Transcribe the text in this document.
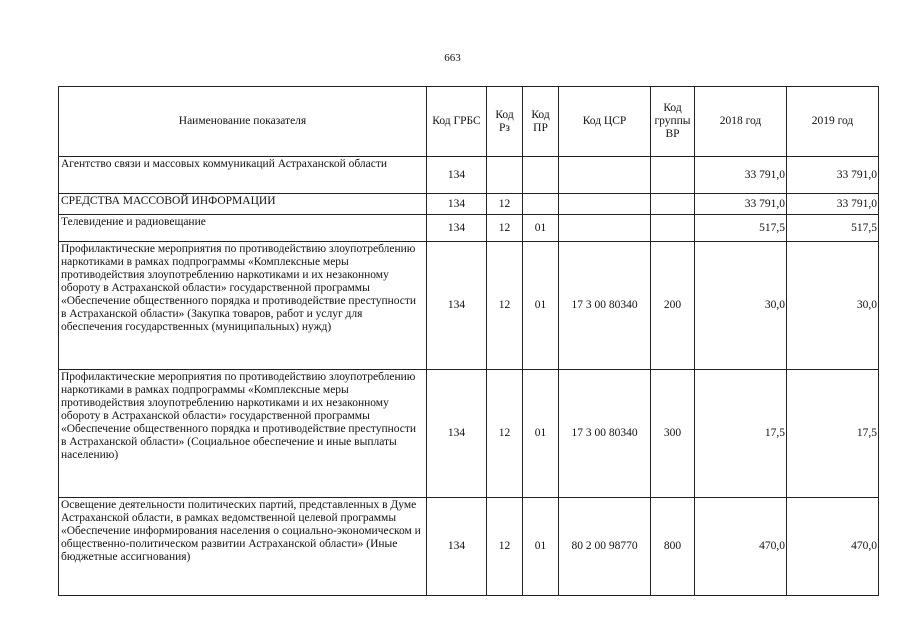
663
Наименование показателя	Код ГРБС	Код Рз	Код ПР	Код ЦСР	Код группы ВР	2018 год	2019 год
Агентство связи и массовых коммуникаций Астраханской области	134					33 791,0	33 791,0
СРЕДСТВА МАССОВОЙ ИНФОРМАЦИИ	134	12				33 791,0	33 791,0
Телевидение и радиовещание	134	12	01			517,5	517,5
Профилактические мероприятия по противодействию злоупотреблению наркотиками в рамках подпрограммы «Комплексные меры противодействия злоупотреблению наркотиками и их незаконному обороту в Астраханской области» государственной программы «Обеспечение общественного порядка и противодействие преступности в Астраханской области» (Закупка товаров, работ и услуг для обеспечения государственных (муниципальных) нужд)	134	12	01	17 3 00 80340	200	30,0	30,0
Профилактические мероприятия по противодействию злоупотреблению наркотиками в рамках подпрограммы «Комплексные меры противодействия злоупотреблению наркотиками и их незаконному обороту в Астраханской области» государственной программы «Обеспечение общественного порядка и противодействие преступности в Астраханской области» (Социальное обеспечение и иные выплаты населению)	134	12	01	17 3 00 80340	300	17,5	17,5
Освещение деятельности политических партий, представленных в Думе Астраханской области, в рамках ведомственной целевой программы «Обеспечение информирования населения о социально-экономическом и общественно-политическом развитии Астраханской области» (Иные бюджетные ассигнования)	134	12	01	80 2 00 98770	800	470,0	470,0
